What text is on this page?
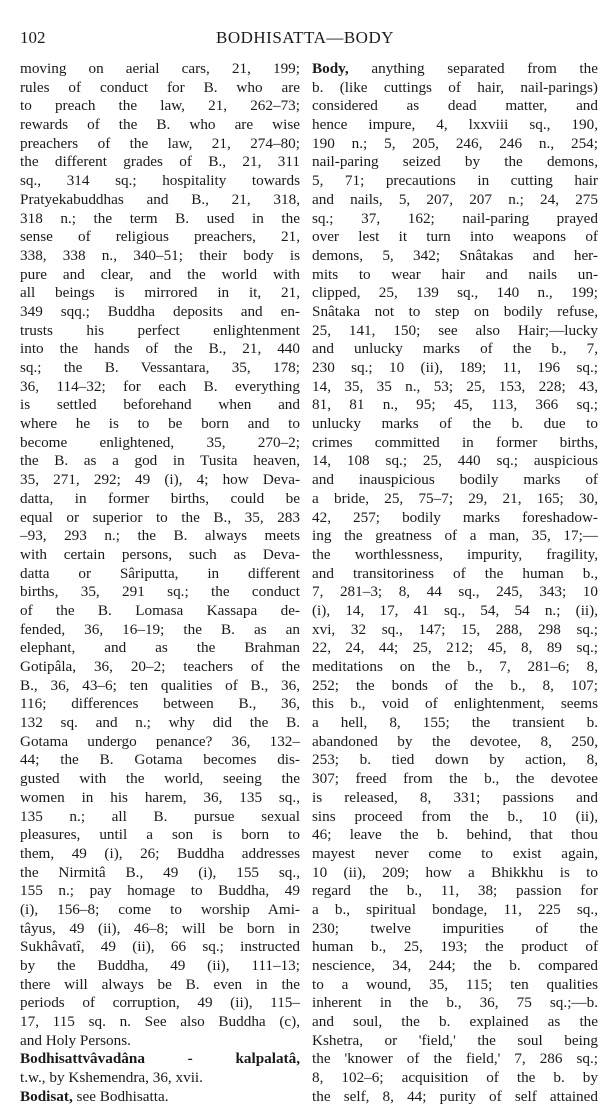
102	BODHISATTA—BODY
moving on aerial cars, 21, 199;
rules of conduct for B. who are
to preach the law, 21, 262–73;
rewards of the B. who are wise
preachers of the law, 21, 274–80;
the different grades of B., 21, 311
sq., 314 sq.; hospitality towards
Pratyekabuddhas and B., 21, 318,
318 n.; the term B. used in the
sense of religious preachers, 21,
338, 338 n., 340–51; their body is
pure and clear, and the world with
all beings is mirrored in it, 21,
349 sqq.; Buddha deposits and en-
trusts his perfect enlightenment
into the hands of the B., 21, 440
sq.; the B. Vessantara, 35, 178;
36, 114–32; for each B. everything
is settled beforehand when and
where he is to be born and to
become enlightened, 35, 270–2;
the B. as a god in Tusita heaven,
35, 271, 292; 49 (i), 4; how Deva-
datta, in former births, could be
equal or superior to the B., 35, 283
–93, 293 n.; the B. always meets
with certain persons, such as Deva-
datta or Sâriputta, in different
births, 35, 291 sq.; the conduct
of the B. Lomasa Kassapa de-
fended, 36, 16–19; the B. as an
elephant, and as the Brahman
Gotipâla, 36, 20–2; teachers of the
B., 36, 43–6; ten qualities of B., 36,
116; differences between B., 36,
132 sq. and n.; why did the B.
Gotama undergo penance? 36, 132–
44; the B. Gotama becomes dis-
gusted with the world, seeing the
women in his harem, 36, 135 sq.,
135 n.; all B. pursue sexual
pleasures, until a son is born to
them, 49 (i), 26; Buddha addresses
the Nirmitâ B., 49 (i), 155 sq.,
155 n.; pay homage to Buddha, 49
(i), 156–8; come to worship Ami-
tâyus, 49 (ii), 46–8; will be born in
Sukhâvatî, 49 (ii), 66 sq.; instructed
by the Buddha, 49 (ii), 111–13;
there will always be B. even in the
periods of corruption, 49 (ii), 115–
17, 115 sq. n. See also Buddha (c),
and Holy Persons.
Bodhisattvâvadâna - kalpalatâ,
t.w., by Kshemendra, 36, xvii.
Bodisat, see Bodhisatta.
Body, anything separated from the
b. (like cuttings of hair, nail-parings)
considered as dead matter, and
hence impure, 4, lxxviii sq., 190,
190 n.; 5, 205, 246, 246 n., 254;
nail-paring seized by the demons,
5, 71; precautions in cutting hair
and nails, 5, 207, 207 n.; 24, 275
sq.; 37, 162; nail-paring prayed
over lest it turn into weapons of
demons, 5, 342; Snâtakas and her-
mits to wear hair and nails un-
clipped, 25, 139 sq., 140 n., 199;
Snâtaka not to step on bodily refuse,
25, 141, 150; see also Hair;—lucky
and unlucky marks of the b., 7,
230 sq.; 10 (ii), 189; 11, 196 sq.;
14, 35, 35 n., 53; 25, 153, 228; 43,
81, 81 n., 95; 45, 113, 366 sq.;
unlucky marks of the b. due to
crimes committed in former births,
14, 108 sq.; 25, 440 sq.; auspicious
and inauspicious bodily marks of
a bride, 25, 75–7; 29, 21, 165; 30,
42, 257; bodily marks foreshadow-
ing the greatness of a man, 35, 17;—
the worthlessness, impurity, fragility,
and transitoriness of the human b.,
7, 281–3; 8, 44 sq., 245, 343; 10
(i), 14, 17, 41 sq., 54, 54 n.; (ii),
xvi, 32 sq., 147; 15, 288, 298 sq.;
22, 24, 44; 25, 212; 45, 8, 89 sq.;
meditations on the b., 7, 281–6; 8,
252; the bonds of the b., 8, 107;
this b., void of enlightenment, seems
a hell, 8, 155; the transient b.
abandoned by the devotee, 8, 250,
253; b. tied down by action, 8,
307; freed from the b., the devotee
is released, 8, 331; passions and
sins proceed from the b., 10 (ii),
46; leave the b. behind, that thou
mayest never come to exist again,
10 (ii), 209; how a Bhikkhu is to
regard the b., 11, 38; passion for
a b., spiritual bondage, 11, 225 sq.,
230; twelve impurities of the
human b., 25, 193; the product of
nescience, 34, 244; the b. compared
to a wound, 35, 115; ten qualities
inherent in the b., 36, 75 sq.;—b.
and soul, the b. explained as the
Kshetra, or 'field,' the soul being
the 'knower of the field,' 7, 286 sq.;
8, 102–6; acquisition of the b. by
the self, 8, 44; purity of self attained
